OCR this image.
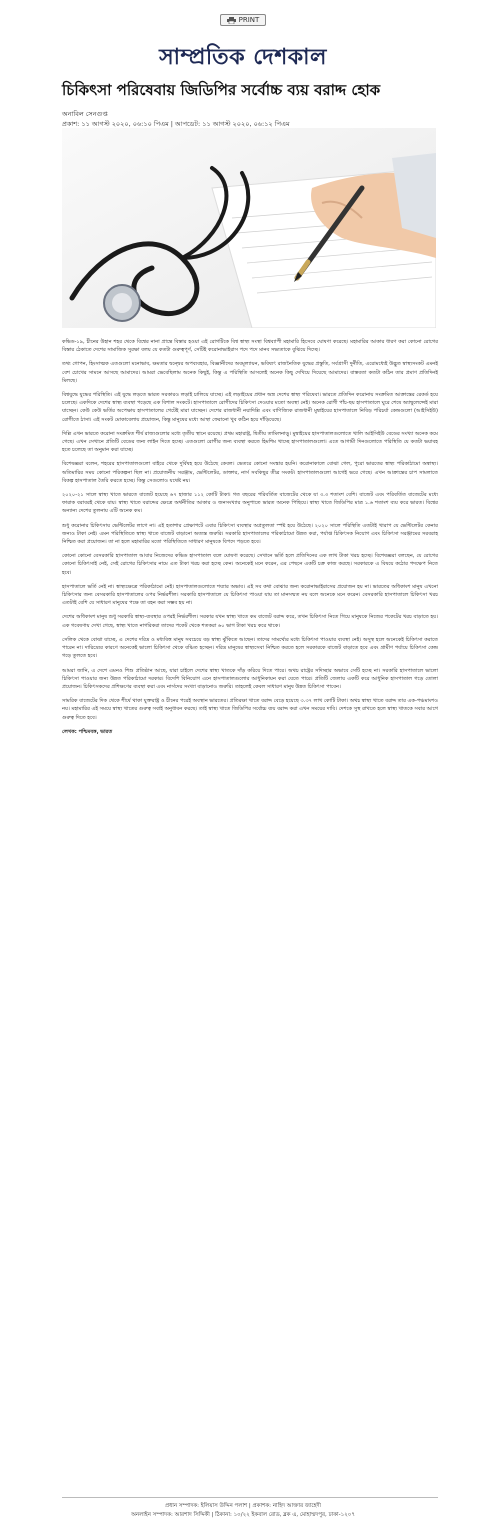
PRINT
সাম্প্রতিক দেশকাল
চিকিৎসা পরিষেবায় জিডিপির সর্বোচ্চ ব্যয় বরাদ্দ হোক
অনাবিল সেনগুপ্ত
প্রকাশ: ১১ আগস্ট ২০২০, ০৬:১০ পিএম | আপডেট: ১১ আগস্ট ২০২০, ০৬:১২ পিএম

কভিড-১৯, চীনের উহান শহর থেকে বিশ্বের নানা প্রান্তে বিস্তার হওয়া এই রোগটিকে বিশ্ব স্বাস্থ্য সংস্থা বিশ্বব্যাপী মহামারি হিসেবে ঘোষণা করেছে। মহামারির আকার ধারণ করা কোনো রোগের বিস্তার ঠেকাতে দেশের সামাজিক সুরক্ষা বলয় যে কতটা গুরুত্বপূর্ণ, সেটিই করোনাভাইরাস পদে পদে মানব সভ্যতাকে বুঝিয়ে দিচ্ছে।

তথ্য গোপন, হিংসাত্মক এতগুলো মনোভাব, ক্ষমতার দ্বন্দ্বের অপব্যবহার, বিজ্ঞানীদের অবমূল্যায়ন, ভবিষ্যৎ রাজনৈতিক যুদ্ধের প্রস্তুতি, সর্বগ্রাসী দুর্নীতি, এরোমধ্যেই উদ্ভূত স্বাস্থ্যসংকট এমনই বেশ চোখের সামনে আসছে আমাদের। আমরা ভেবেছিলাম অনেক কিছুই, কিন্তু এ পরিস্থিতি আসলেই অনেক কিছু দেখিয়ে দিয়েছে আমাদের। বাস্তবতা কতটা কঠিন তার প্রমাণ প্রতিদিনই মিলছে।

বিশ্বযুদ্ধে যুদ্ধের পরিস্থিতি। এই যুদ্ধে লড়তে ভারত সরকারও লড়াই চালিয়ে যাচ্ছে। এই লড়াইয়ের প্রধান অস্ত্র দেশের স্বাস্থ্য পরিষেবা। ভারতে প্রতিদিন করোনায় সংক্রমিত আক্রান্তের রেকর্ড হয়ে চলেছে। একদিকে দেশের স্বাস্থ্য ব্যবস্থা পড়েছে এক বিশাল সংকটে। হাসপাতালে রোগীদের চিকিৎসা দেওয়ার মতো অবস্থা নেই। অনেক রোগী পাঁচ-ছয় হাসপাতালে ঘুরে শেষে অ্যাম্বুলেন্সেই মারা যাচ্ছেন। কেউ কেউ ভর্তির অপেক্ষায় হাসপাতালের গেটেই মারা যাচ্ছেন। দেশের রাজধানী নয়াদিল্লি এবং বাণিজ্যিক রাজধানী মুম্বাইয়ের হাসপাতালে নিবিড় পরিচর্যা কেন্দ্রগুলো (আইসিইউ) রোগীতে ঠাসা। এই সংকট মোকাবেলায় প্রয়োজন, কিন্তু মানুষের মধ্যে আস্থা ফেরানো খুব কঠিন হয়ে দাঁড়িয়েছে।

দিল্লি এখন ভারতে করোনা সংক্রমিত শীর্ষ রাজ্যগুলোর মধ্যে তৃতীয় স্থানে রয়েছে। প্রথম মহারাষ্ট্র, দ্বিতীয় তামিলনাড়ু। মুম্বাইয়ের হাসপাতালগুলোতে খালি আইসিইউ বেডের সংখ্যা অনেক কমে গেছে। এখন সেখানে প্রতিটি বেডের জন্য লাইন দিতে হচ্ছে। এতগুলো রোগীর জন্য ব্যবস্থা করতে হিমশিম খাচ্ছে হাসপাতালগুলো। এতে আগামী দিনগুলোতে পরিস্থিতি যে কতটা ভয়াবহ হতে চলেছে তা অনুমান করা যাচ্ছে।

বিশেষজ্ঞরা বলেন, শহরের হাসপাতালগুলো বাইরে থেকে দুর্বিষহ হয়ে উঠেছে কেবল। ভেতরে কোনো সংস্কার হয়নি। করোনাকালে বোঝা গেল, পুরো ভারতের স্বাস্থ্য পরিকাঠামো অস্বাস্থ্য। অতিমারির সময় কোনো পরিকল্পনা ছিল না। প্রয়োজনীয় সরঞ্জাম, ভেন্টিলেটর, ডাক্তার, নার্স সবকিছুর তীব্র সংকট। হাসপাতালগুলো আগেই ভরে গেছে। এখন আক্রান্তের চাপ সামলাতে বিকল্প হাসপাতাল তৈরি করতে হচ্ছে। কিন্তু সেগুলোও যথেষ্ট নয়।

২০২০-২১ সালে স্বাস্থ্য খাতে ভারতে বাজেট হয়েছে ৬৭ হাজার ১১২ কোটি টাকা। গত বছরের পরিবর্তিত বাজেটের থেকে যা ৩.৩ শতাংশ বেশি। বাজেট এবং পরিবর্তিত বাজেটের মধ্যে ফারাক বরাবরই থেকে যায়। স্বাস্থ্য খাতে বরাদ্দের ক্ষেত্রে অর্থনীতির আকার ও জনসংখ্যার অনুপাতে ভারত অনেক পিছিয়ে। স্বাস্থ্য খাতে জিডিপির মাত্র ১.৬ শতাংশ ব্যয় করে ভারত। বিশ্বের অন্যান্য দেশের তুলনায় এটি অনেক কম।

শুধু করোনার চিকিৎসায় ভেন্টিলেটর লাগে না। এই হতাশার প্রেক্ষাপটে এবার চিকিৎসা ব্যবস্থার অপ্রতুলতা স্পষ্ট হয়ে উঠেছে। ২০২০ সালে পরিস্থিতি এতটাই খারাপ যে ভেন্টিলেটর কেনার জন্যও টাকা নেই। এমন পরিস্থিতিতে স্বাস্থ্য খাতে বাজেট বাড়ানো অত্যন্ত জরুরি। সরকারি হাসপাতালের পরিকাঠামো উন্নত করা, পর্যাপ্ত চিকিৎসক নিয়োগ এবং চিকিৎসা সরঞ্জামের সরবরাহ নিশ্চিত করা প্রয়োজন। তা না হলে মহামারির মতো পরিস্থিতিতে সাধারণ মানুষকে বিপদে পড়তে হবে।

কোনো কোনো বেসরকারি হাসপাতাল আবার নিজেদের কভিড হাসপাতাল বলে ঘোষণা করেছে। সেখানে ভর্তি হলে প্রতিদিনের এক লাখ টাকা খরচ হচ্ছে। বিশেষজ্ঞরা বলছেন, যে রোগের কোনো চিকিৎসাই নেই, সেই রোগের চিকিৎসার নামে এত টাকা খরচ করা হচ্ছে কেন। অনেকেই মনে করেন, এর পেছনে একটি চক্র কাজ করছে। সরকারকে এ বিষয়ে কঠোর পদক্ষেপ নিতে হবে।

হাসপাতালে ভর্তি নেই না। স্বাস্থ্যক্ষেত্রে পরিকাঠামো নেই। হাসপাতালগুলোতে শয্যার অভাব। এই সব কথা বোঝার জন্য করোনাভাইরাসের প্রয়োজন হয় না। ভারতের অধিকাংশ মানুষ এখনো চিকিৎসার জন্য বেসরকারি হাসপাতালের ওপর নির্ভরশীল। সরকারি হাসপাতালে যে চিকিৎসা পাওয়া যায় তা মানসম্মত নয় বলে অনেকে মনে করেন। বেসরকারি হাসপাতালে চিকিৎসা খরচ এতটাই বেশি যে সাধারণ মানুষের পক্ষে তা বহন করা সম্ভব হয় না।

দেশের অধিকাংশ মানুষ শুধু সরকারি স্বাস্থ্য-ব্যবস্থার ওপরই নির্ভরশীল। সরকার যখন স্বাস্থ্য খাতে কম বাজেট বরাদ্দ করে, তখন চিকিৎসা নিতে গিয়ে মানুষকে নিজের পকেটের খরচ বাড়াতে হয়। এক গবেষণায় দেখা গেছে, স্বাস্থ্য খাতে নাগরিকরা তাদের পকেট থেকে শতকরা ৬০ ভাগ টাকা খরচ করে থাকে।

সেলিক থেকে বোঝা যাচ্ছে, এ দেশের দরিদ্র ও মধ্যবিত্ত মানুষ সবচেয়ে বড় স্বাস্থ্য ঝুঁকিতে আছেন। তাদের সামর্থ্যের মধ্যে চিকিৎসা পাওয়ার ব্যবস্থা নেই। অসুস্থ হলে অনেকেই চিকিৎসা করাতে পারেন না। দারিদ্র্যের কারণে অনেকেই ভালো চিকিৎসা থেকে বঞ্চিত হচ্ছেন। দরিদ্র মানুষের স্বাস্থ্যসেবা নিশ্চিত করতে হলে সরকারকে বাজেট বাড়াতে হবে এবং গ্রামীণ পর্যায়ে চিকিৎসা কেন্দ্র গড়ে তুলতে হবে।

আমরা জানি, এ দেশে এমনও শিশু প্রতিষ্ঠান আছে, যারা চাইলে দেশের স্বাস্থ্য খাতকে দাঁড় করিয়ে দিতে পারে। অথচ রাষ্ট্রের সদিচ্ছার অভাবে সেটি হচ্ছে না। সরকারি হাসপাতালে ভালো চিকিৎসা পাওয়ার জন্য উন্নত পরিকাঠামো দরকার। বিদেশি বিনিয়োগ এনে হাসপাতালগুলোর আধুনিকায়ন করা যেতে পারে। প্রতিটি জেলায় একটি করে আধুনিক হাসপাতাল গড়ে তোলা প্রয়োজন। চিকিৎসকদের প্রশিক্ষণের ব্যবস্থা করা এবং নার্সদের সংখ্যা বাড়ানোও জরুরি। তাহলেই কেবল সাধারণ মানুষ উন্নত চিকিৎসা পাবেন।

সামরিক বাজেটের দিক থেকে শীর্ষে থাকা যুক্তরাষ্ট্র ও চীনের পরেই অবস্থান ভারতের। প্রতিরক্ষা খাতে বরাদ্দ বেড়ে হয়েছে ৩.৩৭ লাখ কোটি টাকা। অথচ স্বাস্থ্য খাতে বরাদ্দ তার এক-পঞ্চমাংশও নয়। মহামারির এই সময়ে স্বাস্থ্য খাতের গুরুত্ব সবাই অনুধাবন করছে। তাই স্বাস্থ্য খাতে জিডিপির সর্বোচ্চ ব্যয় বরাদ্দ করা এখন সময়ের দাবি। দেশকে সুস্থ রাখতে হলে স্বাস্থ্য খাতকে সবার আগে গুরুত্ব দিতে হবে।

লেখক: পশ্চিমবঙ্গ, ভারত

প্রধান সম্পাদক: ইলিয়াস উদ্দিন পলাশ | প্রকাশক: নাহিদ আক্তার জাহেদী
অনলাইন সম্পাদক: আরশাদ সিদ্দিকী | ঠিকানা: ১০/২২ ইকবাল রোড, ব্লক এ, মোহাম্মদপুর, ঢাকা-১২০৭
